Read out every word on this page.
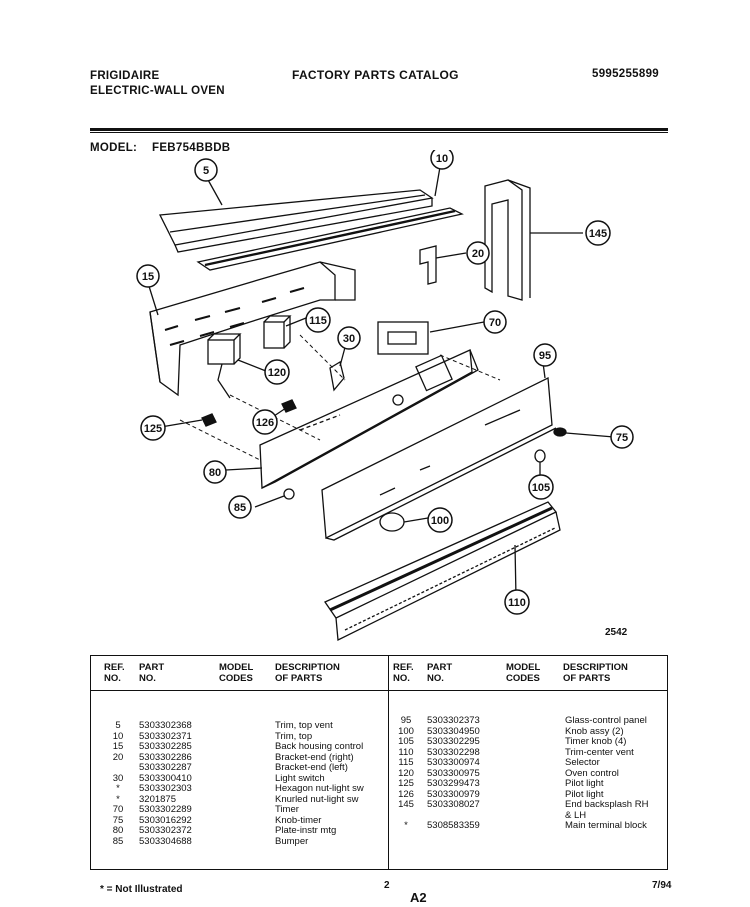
FRIGIDAIRE
ELECTRIC-WALL OVEN
FACTORY PARTS CATALOG	5995255899
MODEL: FEB754BBDB
5
10
145
20
15
115
30
70
120
95
126
125
75
80
105
85
100
110
2542
REF.
NO.
PART
NO.
MODEL
CODES
DESCRIPTION
OF PARTS
REF.
NO.
PART
NO.
MODEL
CODES
DESCRIPTION
OF PARTS

5
10
15
20
30
*
*
70
75
80
85

5303302368
5303302371
5303302285
5303302286
5303302287
5303300410
5303302303
3201875
5303302289
5303016292
5303302372
5303304688

Trim, top vent
Trim, top
Back housing control
Bracket-end (right)
Bracket-end (left)
Light switch
Hexagon nut-light sw
Knurled nut-light sw
Timer
Knob-timer
Plate-instr mtg
Bumper

95
100
105
110
115
120
125
126
145
*

5303302373
5303304950
5303302295
5303302298
5303300974
5303300975
5303299473
5303300979
5303308027
5308583359

Glass-control panel
Knob assy (2)
Timer knob (4)
Trim-center vent
Selector
Oven control
Pilot light
Pilot light
End backsplash RH
& LH
Main terminal block

* = Not Illustrated	2
A2
7/94
